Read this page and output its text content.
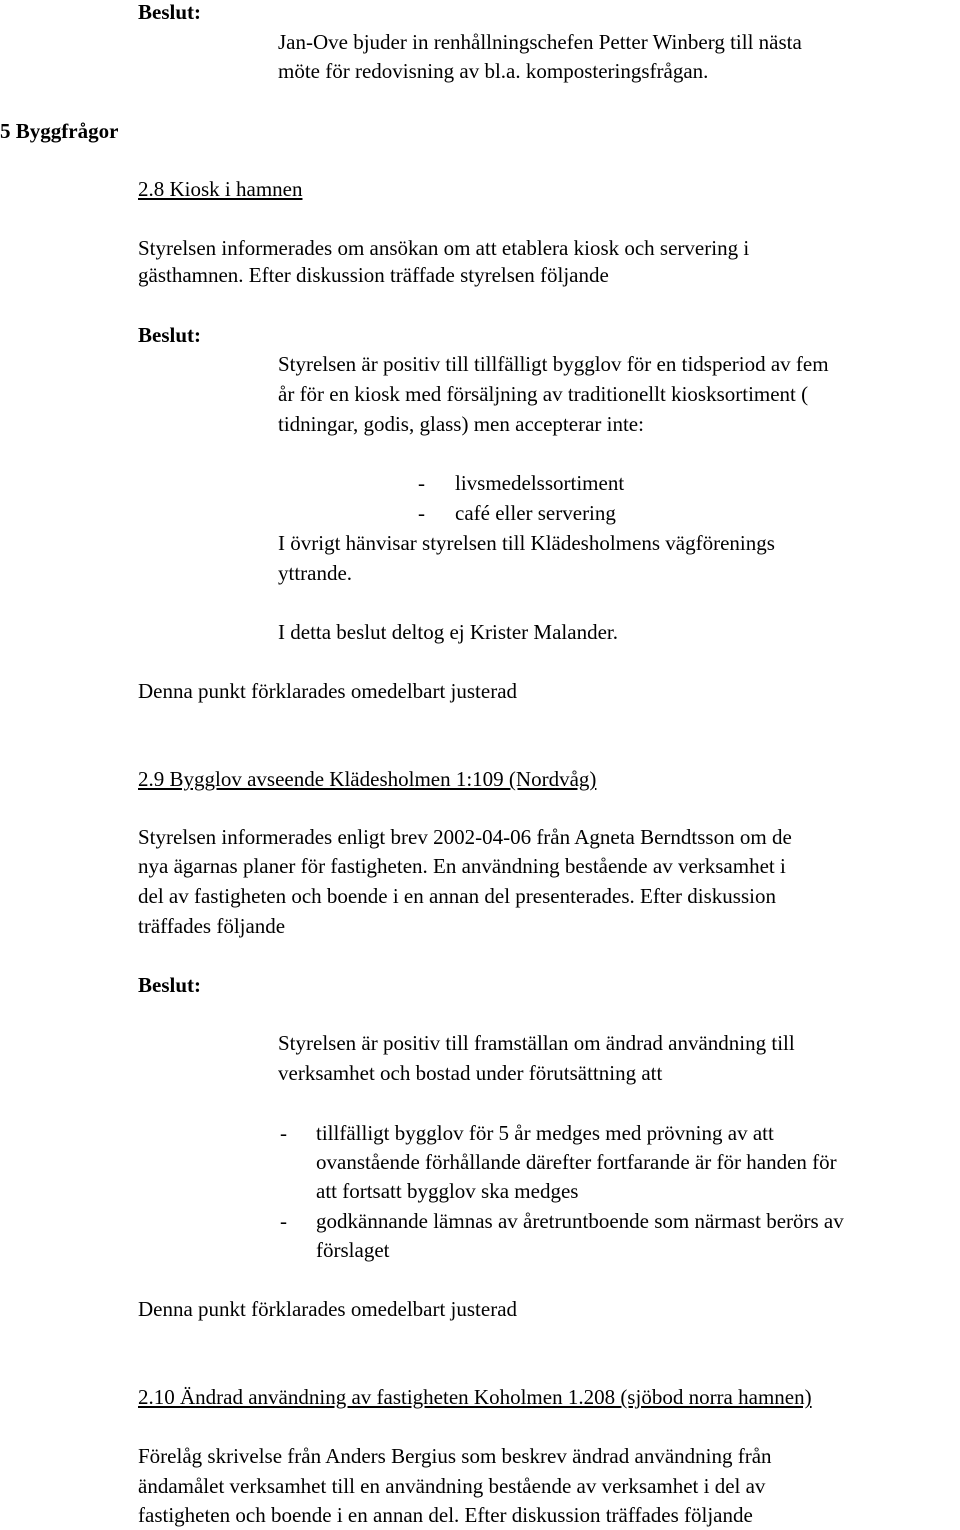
Beslut:
Jan-Ove bjuder in renhållningschefen Petter Winberg till nästa
möte för redovisning av bl.a. komposteringsfrågan.
5 Byggfrågor
2.8 Kiosk i hamnen
Styrelsen informerades om ansökan om att etablera kiosk och servering i
gästhamnen. Efter diskussion träffade styrelsen följande
Beslut:
Styrelsen är positiv till tillfälligt bygglov för en tidsperiod av fem
år för en kiosk med försäljning av traditionellt kiosksortiment (
tidningar, godis, glass) men accepterar inte:
- livsmedelssortiment
- café eller servering
I övrigt hänvisar styrelsen till Klädesholmens vägförenings
yttrande.
I detta beslut deltog ej Krister Malander.
Denna punkt förklarades omedelbart justerad
2.9 Bygglov avseende Klädesholmen 1:109 (Nordvåg)
Styrelsen informerades enligt brev 2002-04-06 från Agneta Berndtsson om de
nya ägarnas planer för fastigheten. En användning bestående av verksamhet i
del av fastigheten och boende i en annan del presenterades. Efter diskussion
träffades följande
Beslut:
Styrelsen är positiv till framställan om ändrad användning till
verksamhet och bostad under förutsättning att
- tillfälligt bygglov för 5 år medges med prövning av att
ovanstående förhållande därefter fortfarande är för handen för
att fortsatt bygglov ska medges
- godkännande lämnas av åretruntboende som närmast berörs av
förslaget
Denna punkt förklarades omedelbart justerad
2.10 Ändrad användning av fastigheten Koholmen 1.208 (sjöbod norra hamnen)
Förelåg skrivelse från Anders Bergius som beskrev ändrad användning från
ändamålet verksamhet till en användning bestående av verksamhet i del av
fastigheten och boende i en annan del. Efter diskussion träffades följande
